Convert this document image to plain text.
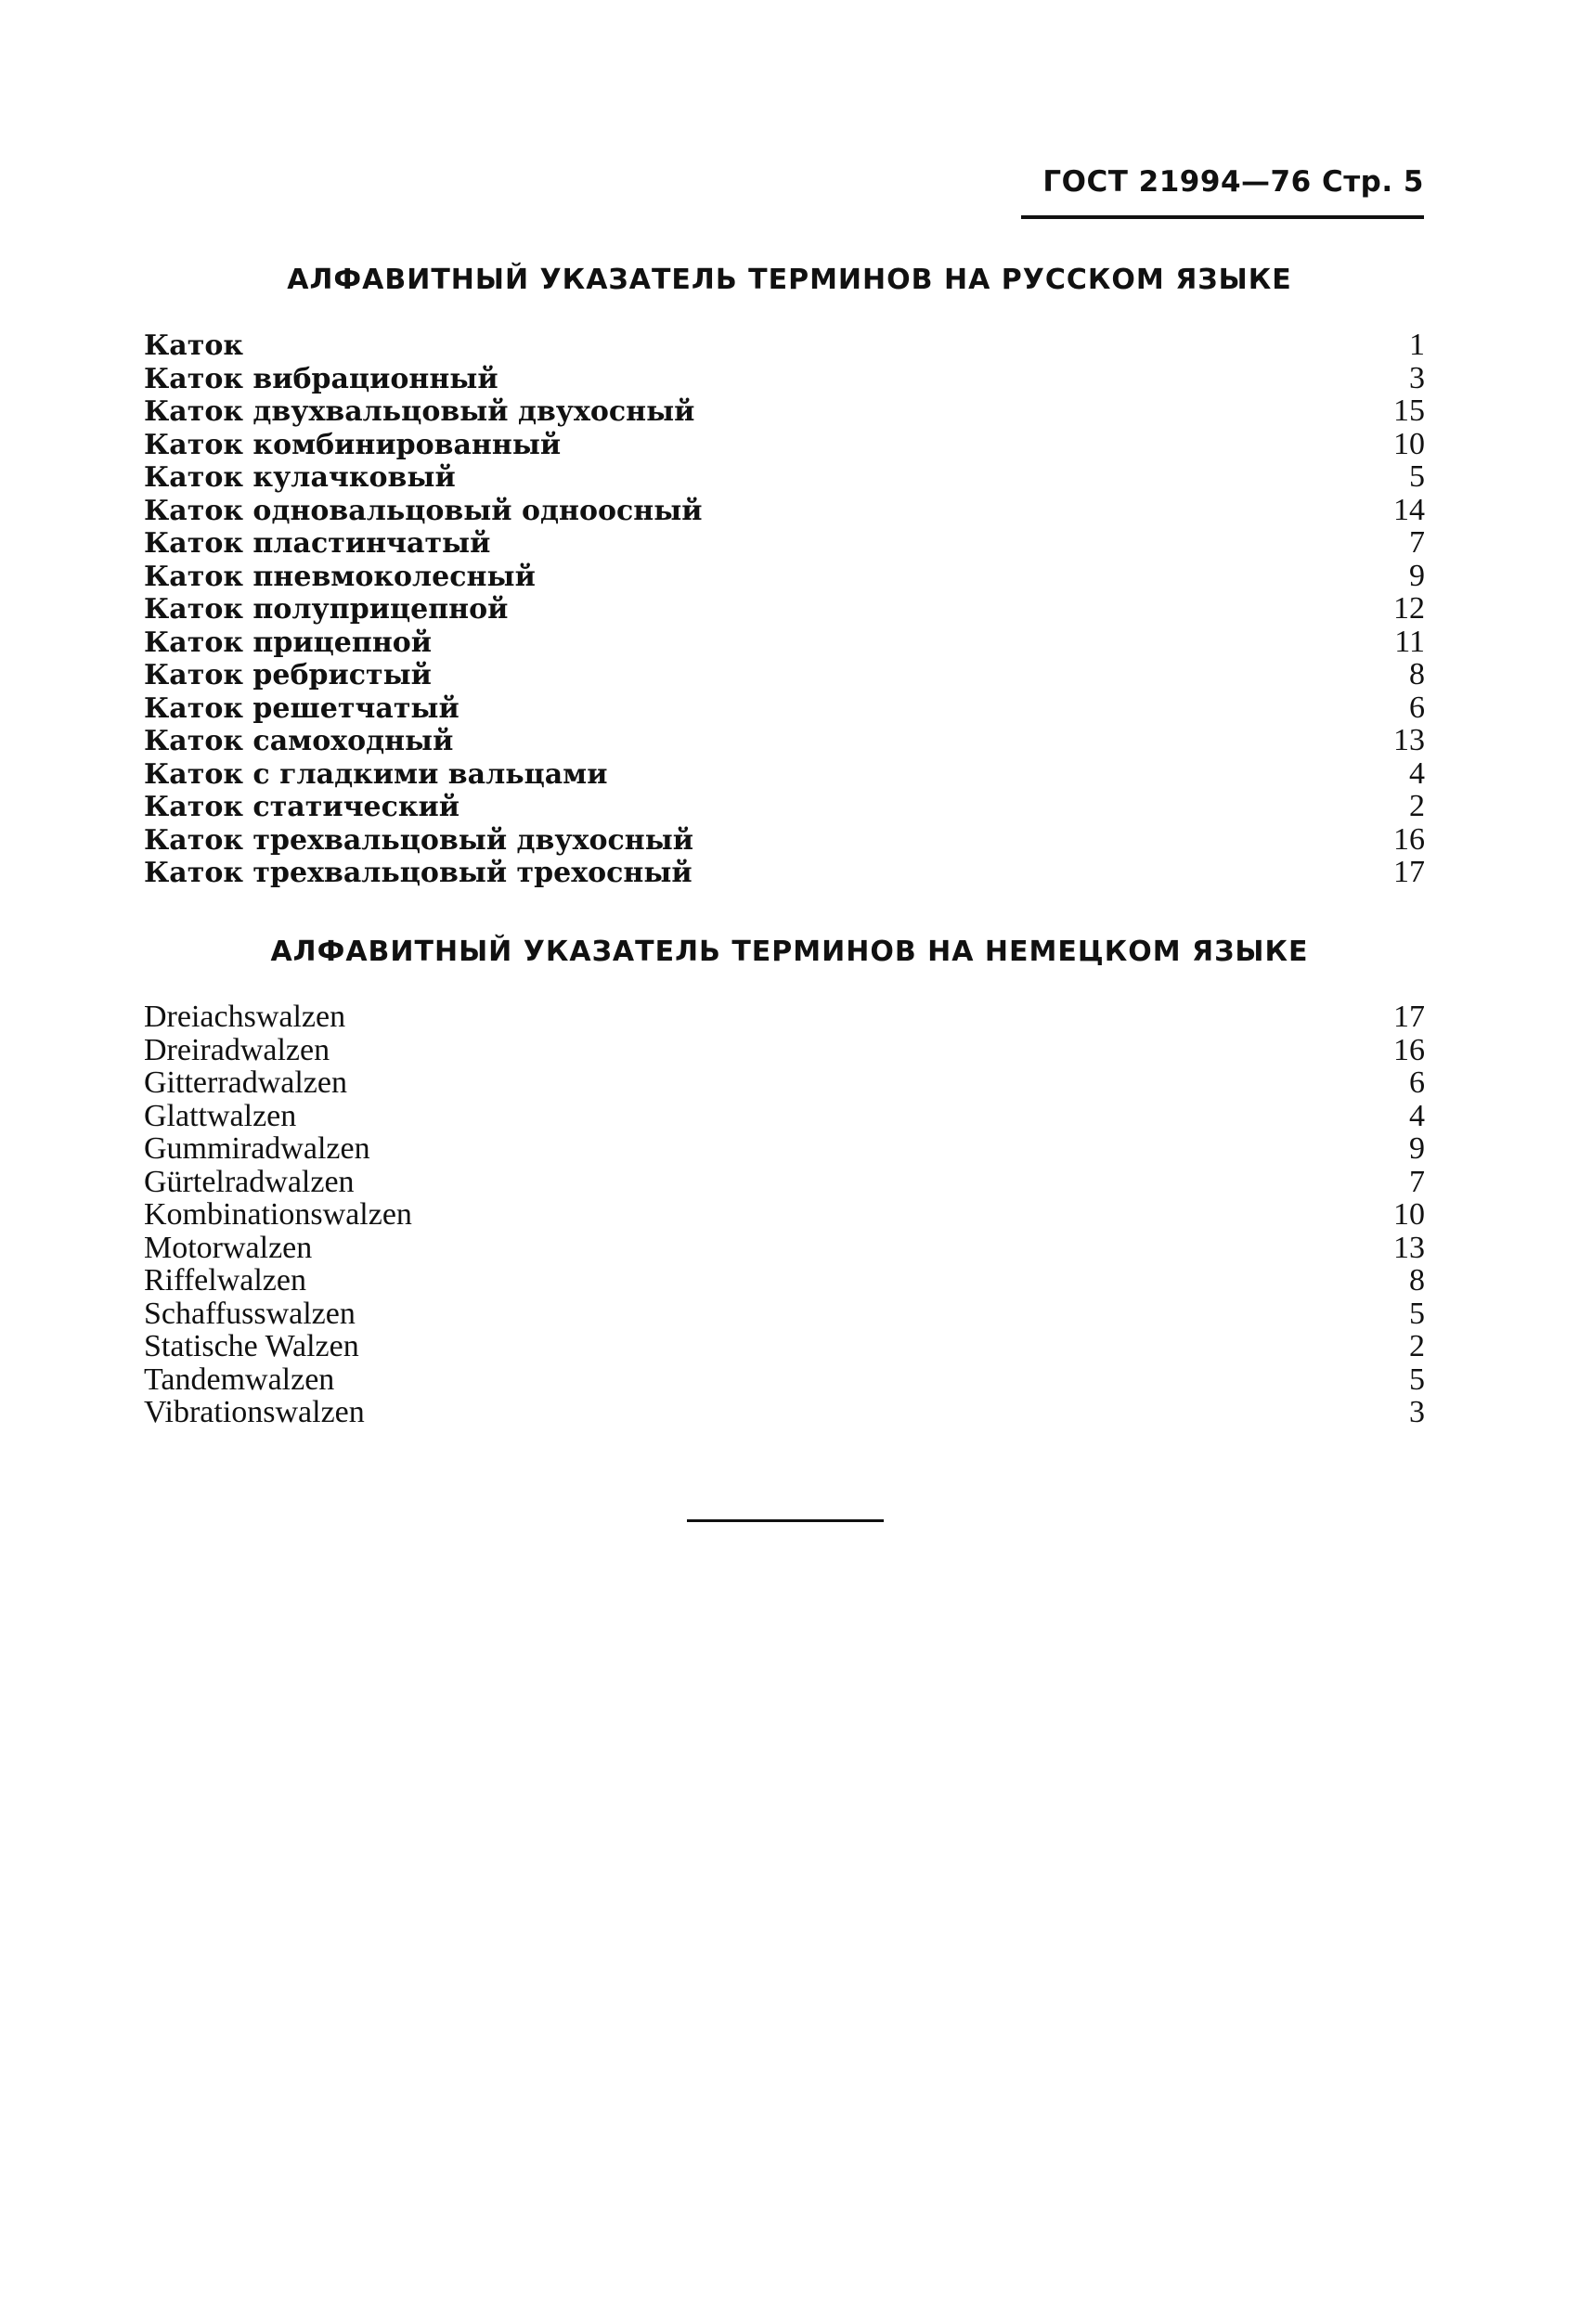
ГОСТ 21994—76 Стр. 5
АЛФАВИТНЫЙ УКАЗАТЕЛЬ ТЕРМИНОВ НА РУССКОМ ЯЗЫКЕ
Каток	1
Каток вибрационный	3
Каток двухвальцовый двухосный	15
Каток комбинированный	10
Каток кулачковый	5
Каток одновальцовый одноосный	14
Каток пластинчатый	7
Каток пневмоколесный	9
Каток полуприцепной	12
Каток прицепной	11
Каток ребристый	8
Каток решетчатый	6
Каток самоходный	13
Каток с гладкими вальцами	4
Каток статический	2
Каток трехвальцовый двухосный	16
Каток трехвальцовый трехосный	17
АЛФАВИТНЫЙ УКАЗАТЕЛЬ ТЕРМИНОВ НА НЕМЕЦКОМ ЯЗЫКЕ
Dreiachswalzen	17
Dreiradwalzen	16
Gitterradwalzen	6
Glattwalzen	4
Gummiradwalzen	9
Gürtelradwalzen	7
Kombinationswalzen	10
Motorwalzen	13
Riffelwalzen	8
Schaffusswalzen	5
Statische Walzen	2
Tandemwalzen	5
Vibrationswalzen	3
